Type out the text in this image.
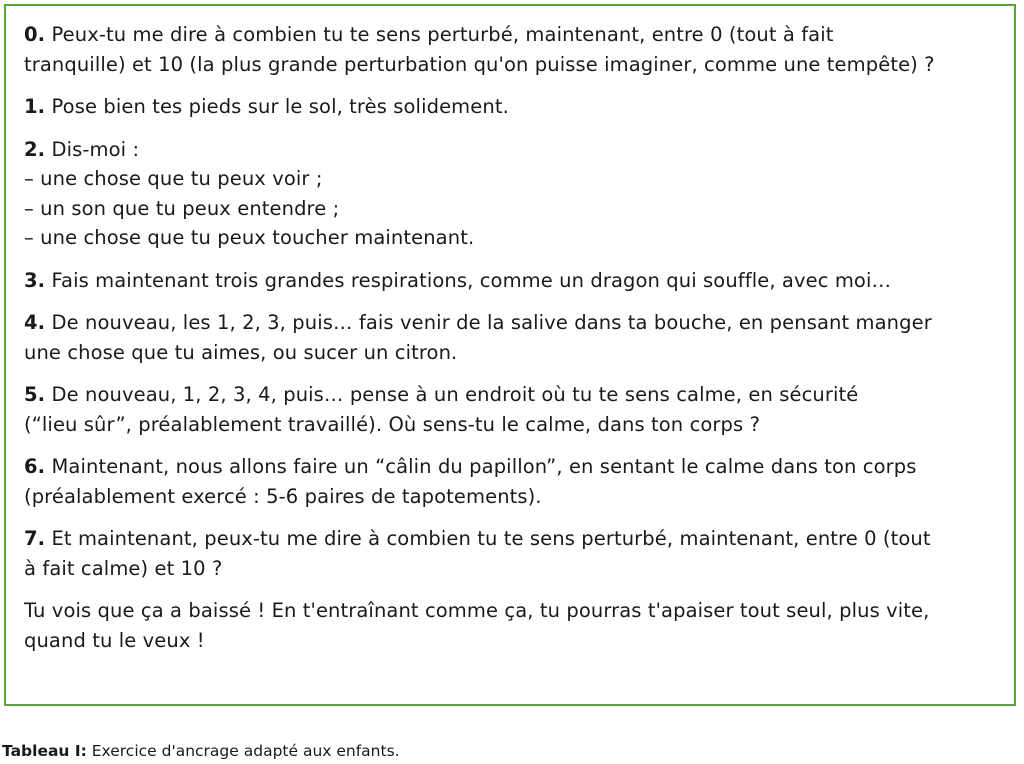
0. Peux-tu me dire à combien tu te sens perturbé, maintenant, entre 0 (tout à fait
tranquille) et 10 (la plus grande perturbation qu'on puisse imaginer, comme une tempête) ?
1. Pose bien tes pieds sur le sol, très solidement.
2. Dis-moi :
– une chose que tu peux voir ;
– un son que tu peux entendre ;
– une chose que tu peux toucher maintenant.
3. Fais maintenant trois grandes respirations, comme un dragon qui souffle, avec moi…
4. De nouveau, les 1, 2, 3, puis… fais venir de la salive dans ta bouche, en pensant manger
une chose que tu aimes, ou sucer un citron.
5. De nouveau, 1, 2, 3, 4, puis… pense à un endroit où tu te sens calme, en sécurité
(“lieu sûr”, préalablement travaillé). Où sens-tu le calme, dans ton corps ?
6. Maintenant, nous allons faire un “câlin du papillon”, en sentant le calme dans ton corps
(préalablement exercé : 5-6 paires de tapotements).
7. Et maintenant, peux-tu me dire à combien tu te sens perturbé, maintenant, entre 0 (tout
à fait calme) et 10 ?
Tu vois que ça a baissé ! En t'entraînant comme ça, tu pourras t'apaiser tout seul, plus vite,
quand tu le veux !
Tableau I: Exercice d'ancrage adapté aux enfants.
